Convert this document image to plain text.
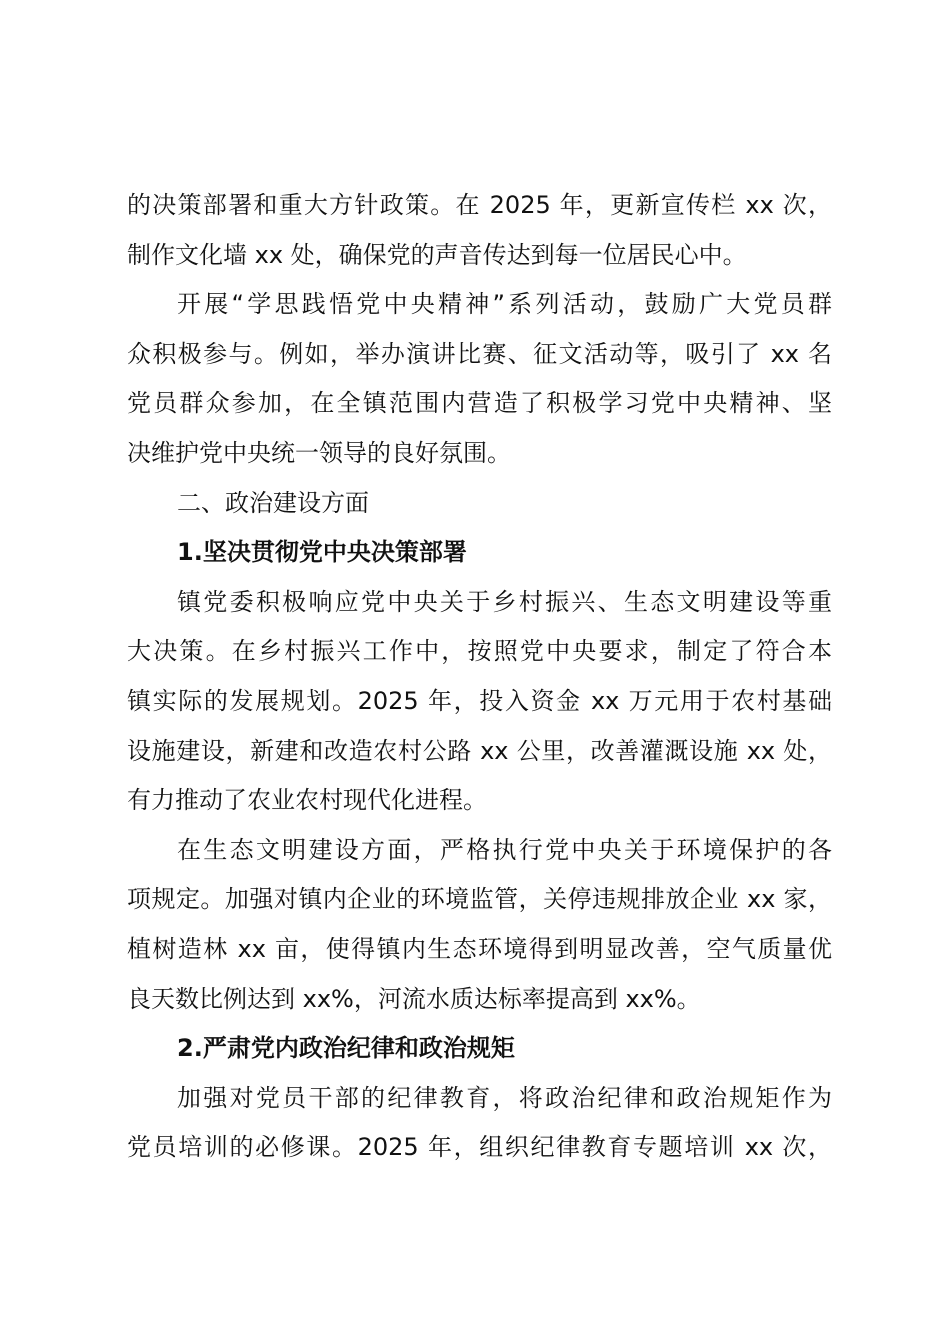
的决策部署和重大方针政策。在 2025 年，更新宣传栏 xx 次，
制作文化墙 xx 处，确保党的声音传达到每一位居民心中。
开展“学思践悟党中央精神”系列活动，鼓励广大党员群
众积极参与。例如，举办演讲比赛、征文活动等，吸引了 xx 名
党员群众参加，在全镇范围内营造了积极学习党中央精神、坚
决维护党中央统一领导的良好氛围。
二、政治建设方面
1.坚决贯彻党中央决策部署
镇党委积极响应党中央关于乡村振兴、生态文明建设等重
大决策。在乡村振兴工作中，按照党中央要求，制定了符合本
镇实际的发展规划。2025 年，投入资金 xx 万元用于农村基础
设施建设，新建和改造农村公路 xx 公里，改善灌溉设施 xx 处，
有力推动了农业农村现代化进程。
在生态文明建设方面，严格执行党中央关于环境保护的各
项规定。加强对镇内企业的环境监管，关停违规排放企业 xx 家，
植树造林 xx 亩，使得镇内生态环境得到明显改善，空气质量优
良天数比例达到 xx%，河流水质达标率提高到 xx%。
2.严肃党内政治纪律和政治规矩
加强对党员干部的纪律教育，将政治纪律和政治规矩作为
党员培训的必修课。2025 年，组织纪律教育专题培训 xx 次，
